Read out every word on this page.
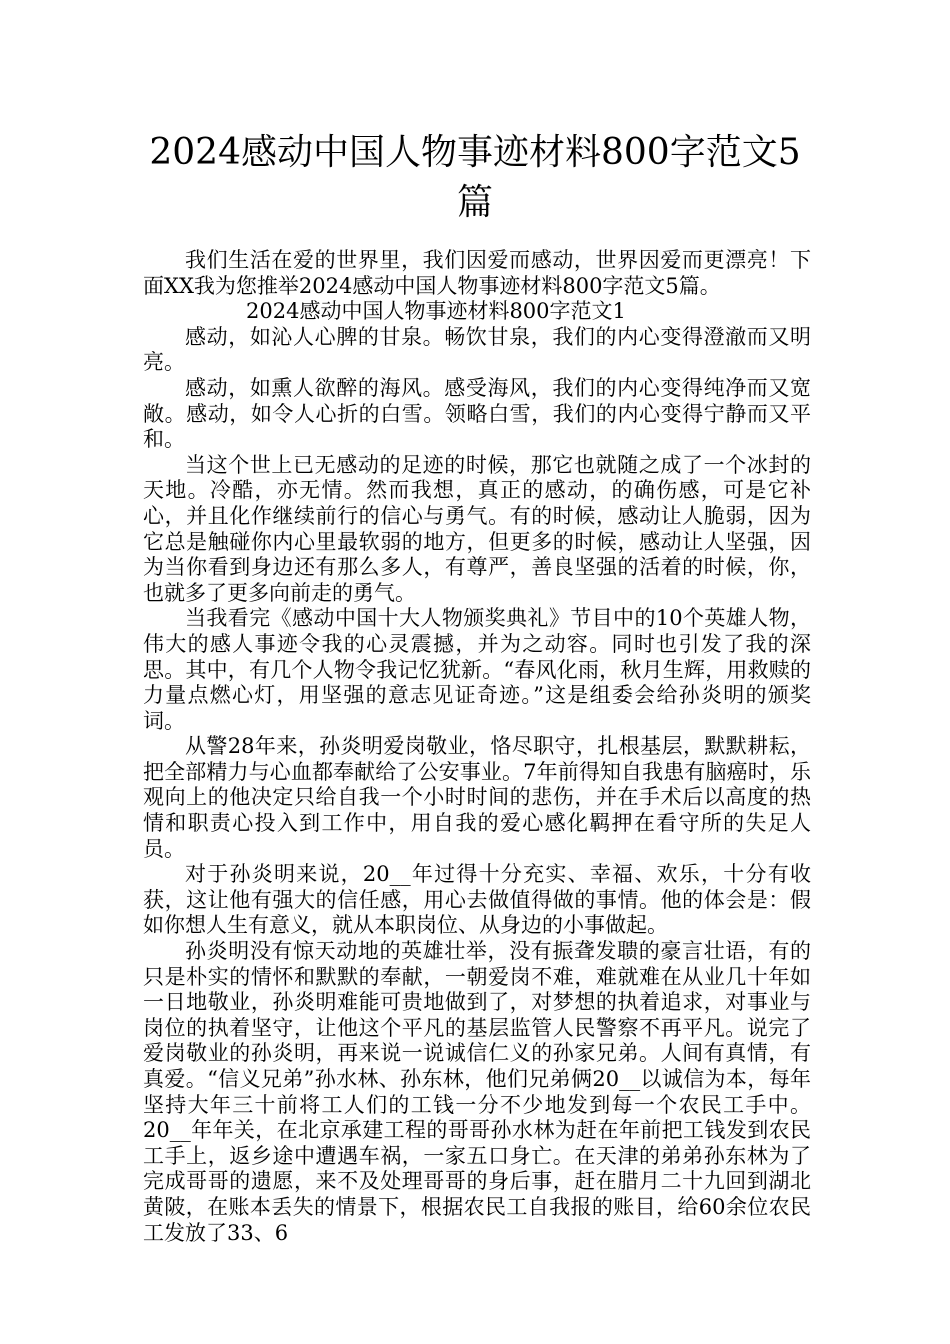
2024感动中国人物事迹材料800字范文5篇

我们生活在爱的世界里，我们因爱而感动，世界因爱而更漂亮！下面XX我为您推举2024感动中国人物事迹材料800字范文5篇。

2024感动中国人物事迹材料800字范文1

感动，如沁人心脾的甘泉。畅饮甘泉，我们的内心变得澄澈而又明亮。

感动，如熏人欲醉的海风。感受海风，我们的内心变得纯净而又宽敞。感动，如令人心折的白雪。领略白雪，我们的内心变得宁静而又平和。

当这个世上已无感动的足迹的时候，那它也就随之成了一个冰封的天地。冷酷，亦无情。然而我想，真正的感动，的确伤感，可是它补心，并且化作继续前行的信心与勇气。有的时候，感动让人脆弱，因为它总是触碰你内心里最软弱的地方，但更多的时候，感动让人坚强，因为当你看到身边还有那么多人，有尊严，善良坚强的活着的时候，你，也就多了更多向前走的勇气。

当我看完《感动中国十大人物颁奖典礼》节目中的10个英雄人物，伟大的感人事迹令我的心灵震撼，并为之动容。同时也引发了我的深思。其中，有几个人物令我记忆犹新。“春风化雨，秋月生辉，用救赎的力量点燃心灯，用坚强的意志见证奇迹。”这是组委会给孙炎明的颁奖词。

从警28年来，孙炎明爱岗敬业，恪尽职守，扎根基层，默默耕耘，把全部精力与心血都奉献给了公安事业。7年前得知自我患有脑癌时，乐观向上的他决定只给自我一个小时时间的悲伤，并在手术后以高度的热情和职责心投入到工作中，用自我的爱心感化羁押在看守所的失足人员。

对于孙炎明来说，20__年过得十分充实、幸福、欢乐，十分有收获，这让他有强大的信任感，用心去做值得做的事情。他的体会是：假如你想人生有意义，就从本职岗位、从身边的小事做起。

孙炎明没有惊天动地的英雄壮举，没有振聋发聩的豪言壮语，有的只是朴实的情怀和默默的奉献，一朝爱岗不难，难就难在从业几十年如一日地敬业，孙炎明难能可贵地做到了，对梦想的执着追求，对事业与岗位的执着坚守，让他这个平凡的基层监管人民警察不再平凡。说完了爱岗敬业的孙炎明，再来说一说诚信仁义的孙家兄弟。人间有真情，有真爱。“信义兄弟”孙水林、孙东林，他们兄弟俩20__以诚信为本，每年坚持大年三十前将工人们的工钱一分不少地发到每一个农民工手中。20__年年关，在北京承建工程的哥哥孙水林为赶在年前把工钱发到农民工手上，返乡途中遭遇车祸，一家五口身亡。在天津的弟弟孙东林为了完成哥哥的遗愿，来不及处理哥哥的身后事，赶在腊月二十九回到湖北黄陂，在账本丢失的情景下，根据农民工自我报的账目，给60余位农民工发放了33、6
